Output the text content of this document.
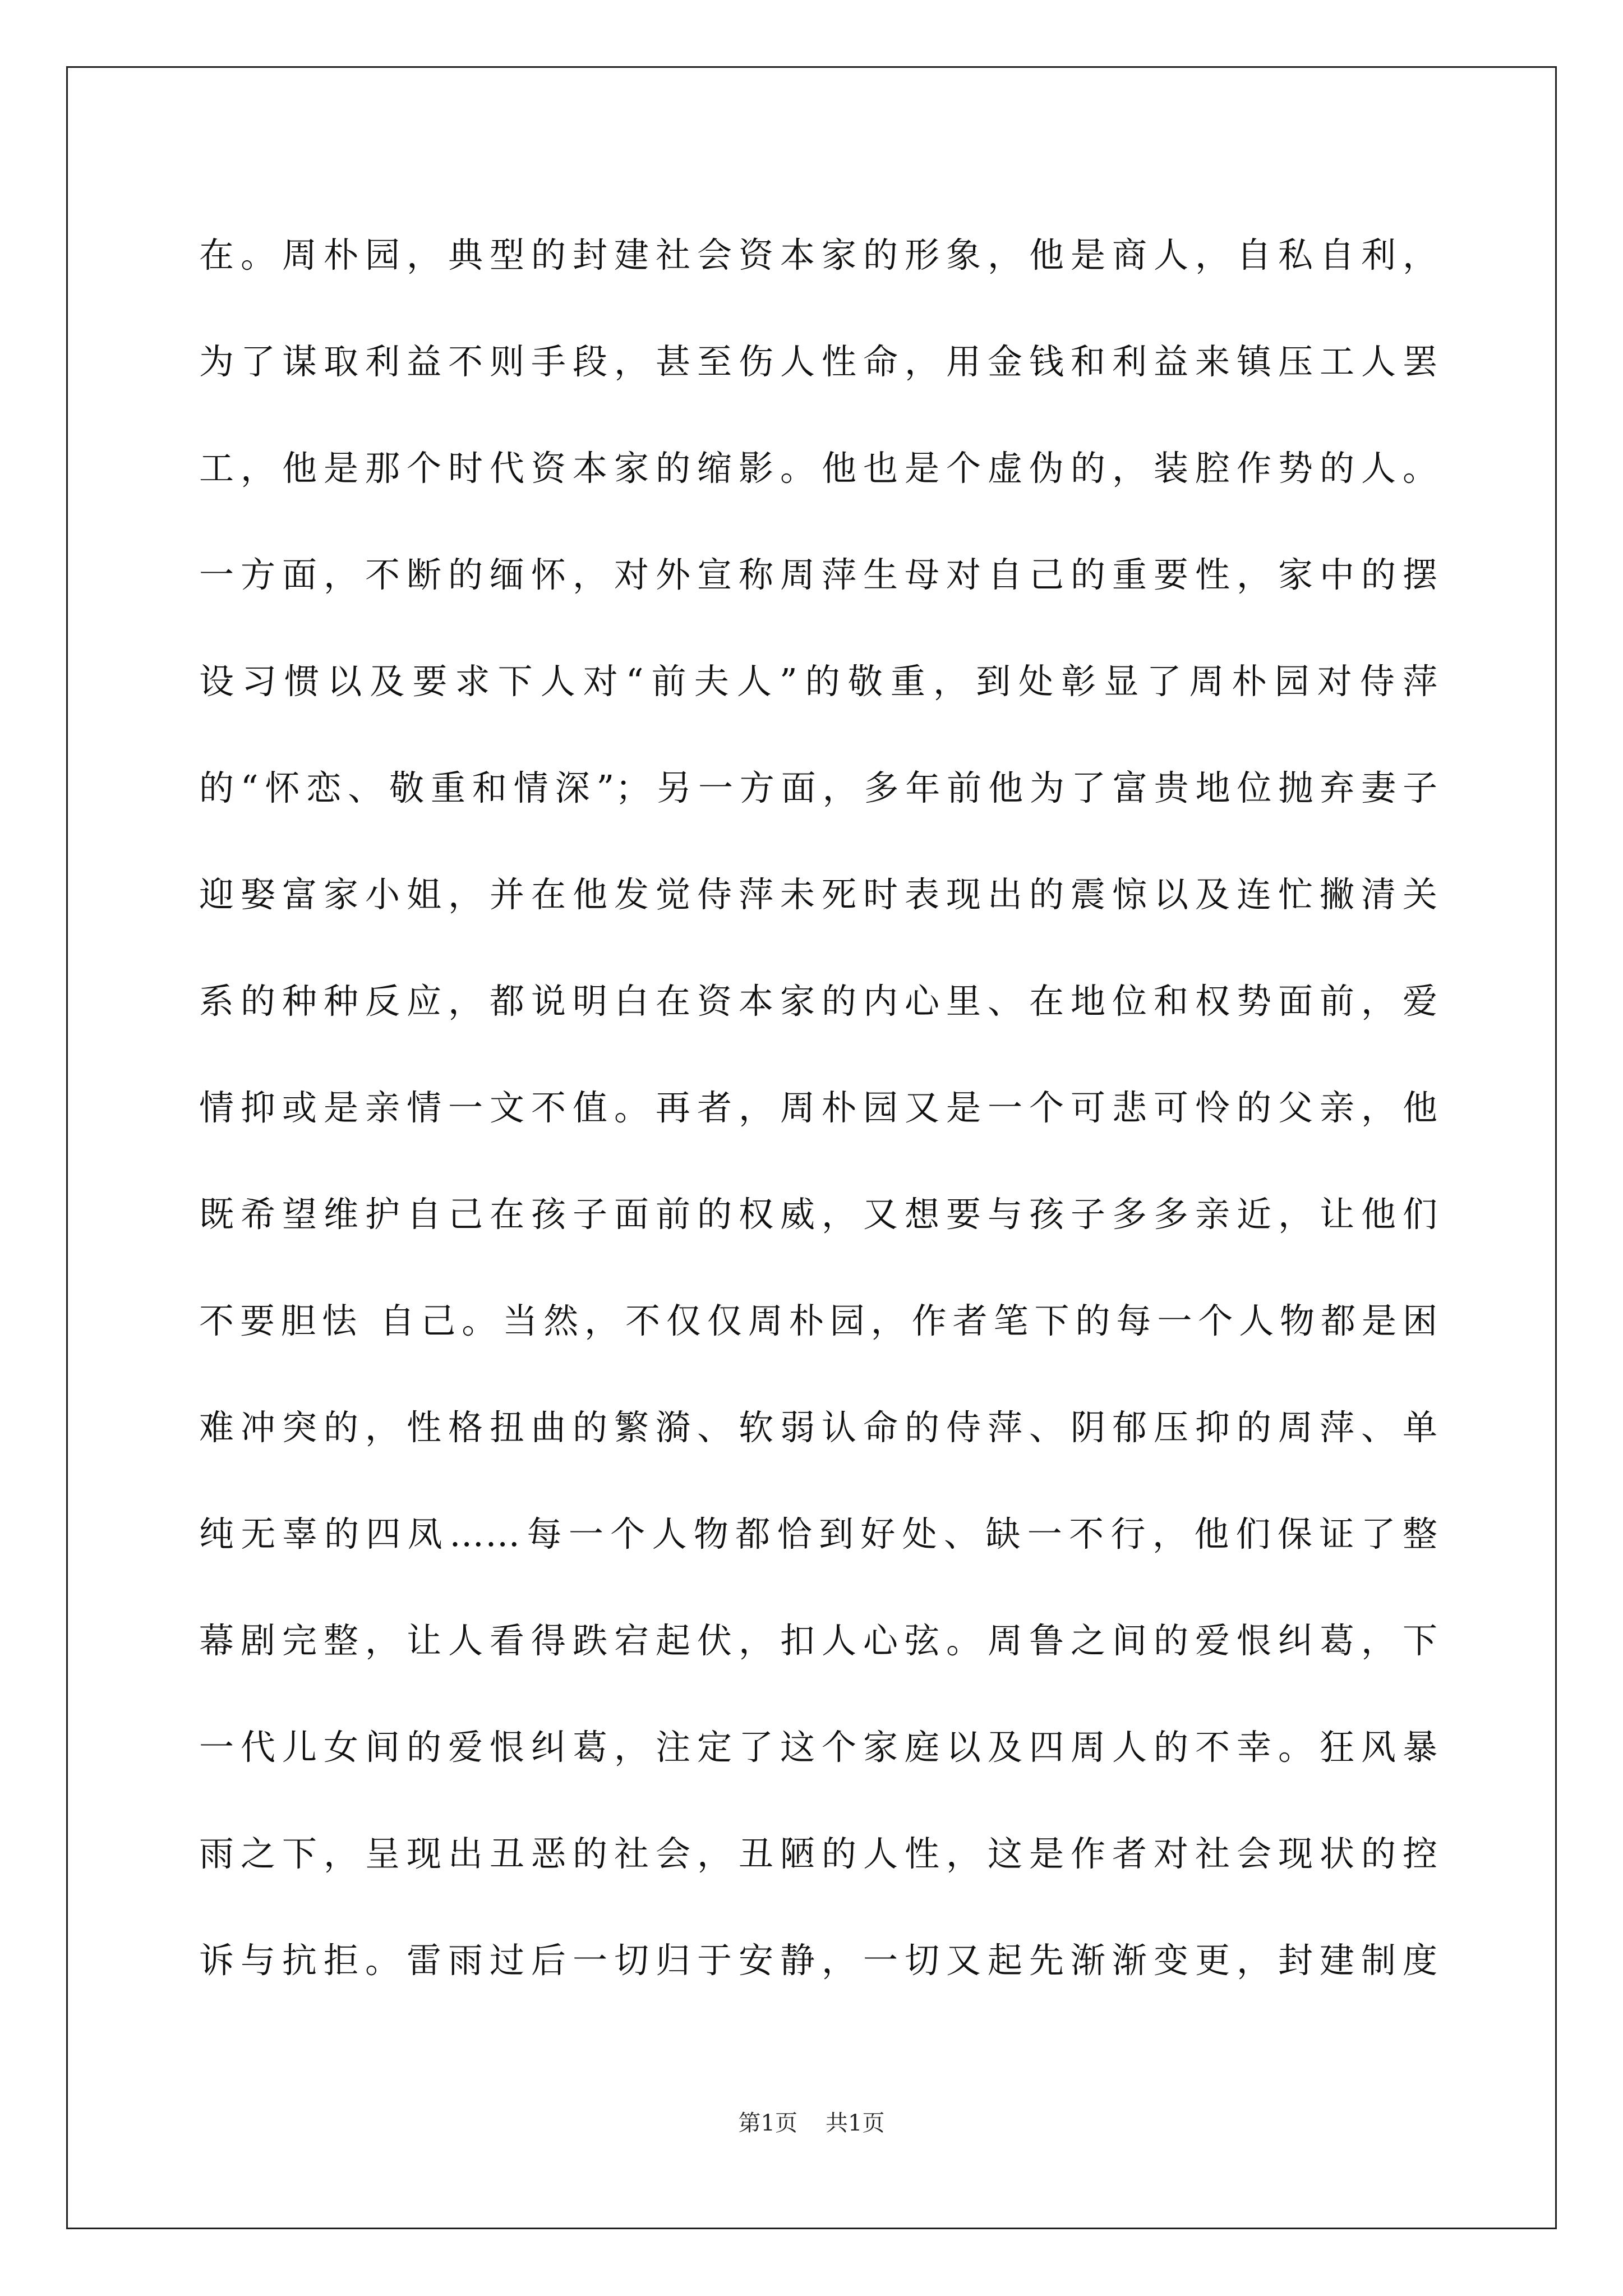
在。周朴园，典型的封建社会资本家的形象，他是商人，自私自利，
为了谋取利益不则手段，甚至伤人性命，用金钱和利益来镇压工人罢
工，他是那个时代资本家的缩影。他也是个虚伪的，装腔作势的人。
一方面，不断的缅怀，对外宣称周萍生母对自己的重要性，家中的摆
设习惯以及要求下人对“前夫人”的敬重，到处彰显了周朴园对侍萍
的“怀恋、敬重和情深”；另一方面，多年前他为了富贵地位抛弃妻子
迎娶富家小姐，并在他发觉侍萍未死时表现出的震惊以及连忙撇清关
系的种种反应，都说明白在资本家的内心里、在地位和权势面前，爱
情抑或是亲情一文不值。再者，周朴园又是一个可悲可怜的父亲，他
既希望维护自己在孩子面前的权威，又想要与孩子多多亲近，让他们
不要胆怯 自己。当然，不仅仅周朴园，作者笔下的每一个人物都是困
难冲突的，性格扭曲的繁漪、软弱认命的侍萍、阴郁压抑的周萍、单
纯无辜的四凤……每一个人物都恰到好处、缺一不行，他们保证了整
幕剧完整，让人看得跌宕起伏，扣人心弦。周鲁之间的爱恨纠葛，下
一代儿女间的爱恨纠葛，注定了这个家庭以及四周人的不幸。狂风暴
雨之下，呈现出丑恶的社会，丑陋的人性，这是作者对社会现状的控
诉与抗拒。雷雨过后一切归于安静，一切又起先渐渐变更，封建制度
第1页 共1页
